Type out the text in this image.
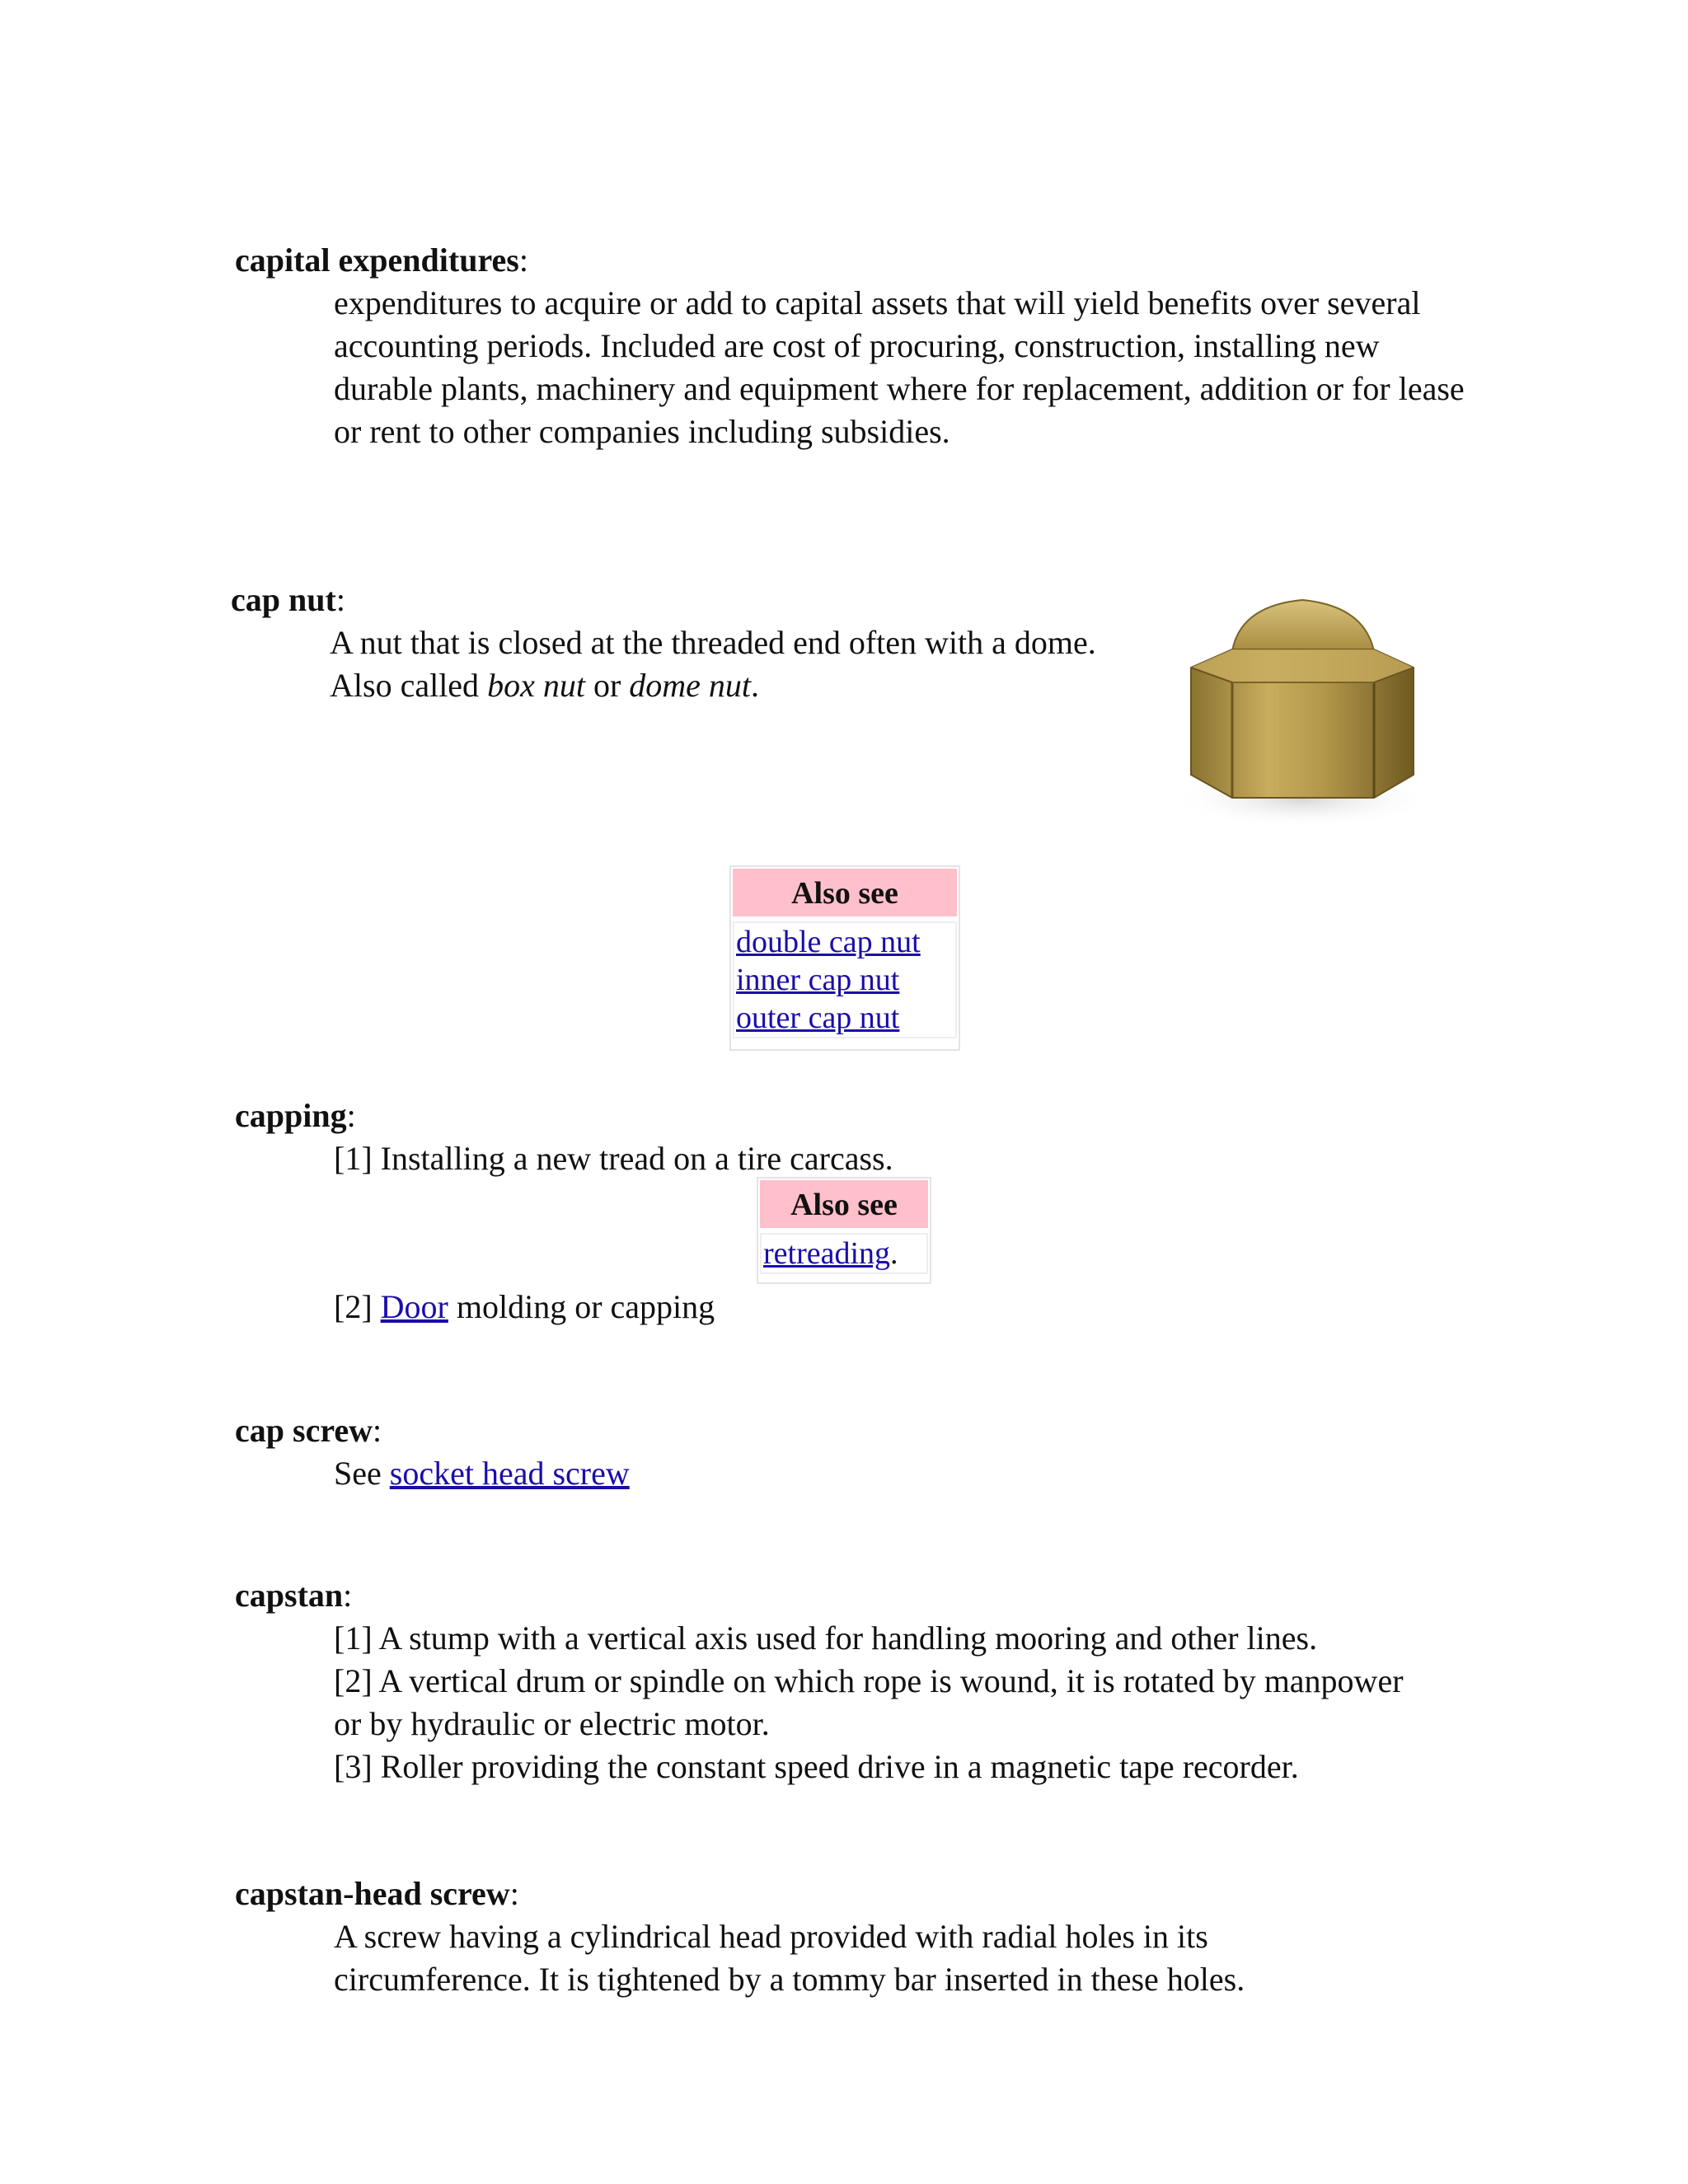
capital expenditures:

expenditures to acquire or add to capital assets that will yield benefits over several accounting periods. Included are cost of procuring, construction, installing new durable plants, machinery and equipment where for replacement, addition or for lease or rent to other companies including subsidies.

cap nut:

A nut that is closed at the threaded end often with a dome. Also called box nut or dome nut.

Also see
double cap nut
inner cap nut
outer cap nut
capping:

[1] Installing a new tread on a tire carcass.

Also see
retreading.

[2] Door molding or capping

cap screw:

See socket head screw

capstan:

[1] A stump with a vertical axis used for handling mooring and other lines.

[2] A vertical drum or spindle on which rope is wound, it is rotated by manpower or by hydraulic or electric motor.

[3] Roller providing the constant speed drive in a magnetic tape recorder.

capstan-head screw:

A screw having a cylindrical head provided with radial holes in its circumference. It is tightened by a tommy bar inserted in these holes.
